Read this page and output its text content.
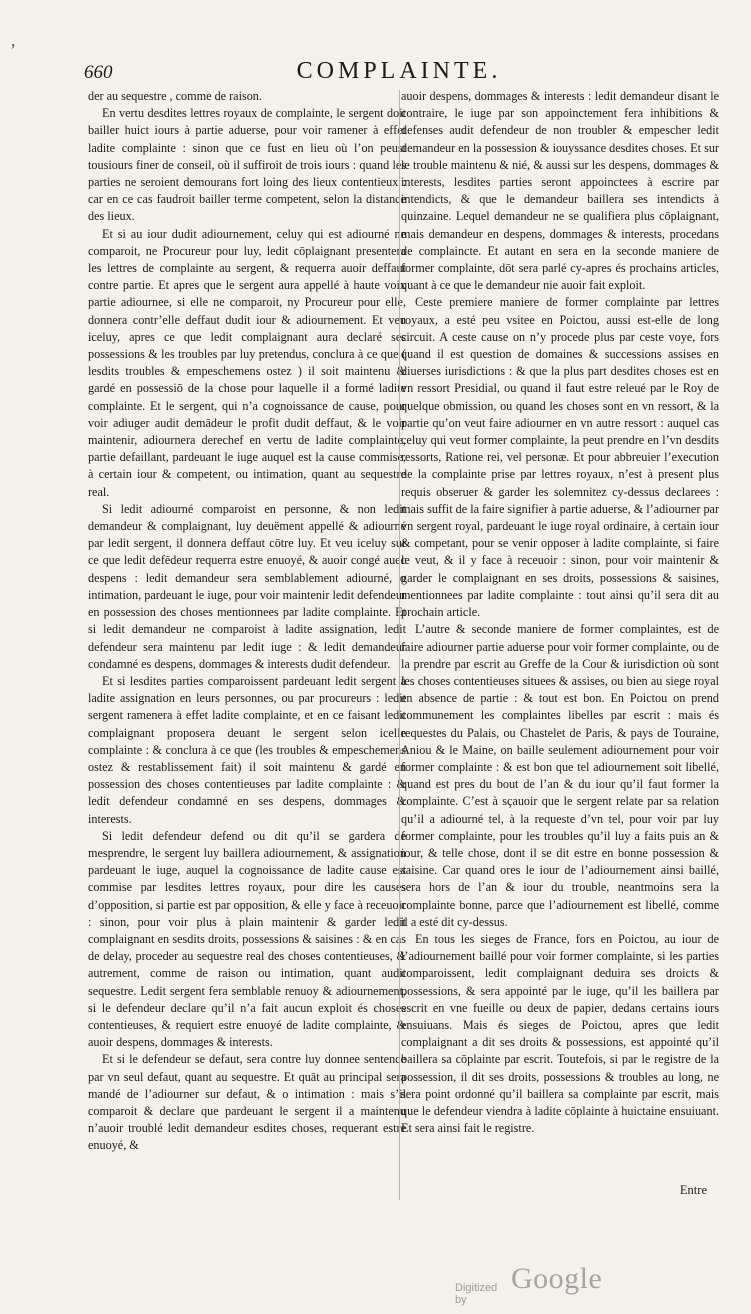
’
660	COMPLAINTE.

der au sequestre , comme de raison.

En vertu desdites lettres royaux de complainte, le sergent doit bailler huict iours à partie aduerse, pour voir ramener à effet ladite complainte : sinon que ce fust en lieu où l’on peust tousiours finer de conseil, où il suffiroit de trois iours : quand les parties ne seroient demourans fort loing des lieux contentieux : car en ce cas faudroit bailler terme competent, selon la distance des lieux.

Et si au iour dudit adiournement, celuy qui est adiourné ne comparoit, ne Procureur pour luy, ledit cōplaignant presentera les lettres de complainte au sergent, & requerra auoir deffaut contre partie. Et apres que le sergent aura appellé à haute voix partie adiournee, si elle ne comparoit, ny Procureur pour elle, donnera contr’elle deffaut dudit iour & adiournement. Et veu iceluy, apres ce que ledit complaignant aura declaré ses possessions & les troubles par luy pretendus, conclura à ce que ( lesdits troubles & empeschemens ostez ) il soit maintenu & gardé en possessiō de la chose pour laquelle il a formé ladite complainte. Et le sergent, qui n’a cognoissance de cause, pour voir adiuger audit demādeur le profit dudit deffaut, & le voir maintenir, adiournera derechef en vertu de ladite complainte, partie defaillant, pardeuant le iuge auquel est la cause commise, à certain iour & competent, ou intimation, quant au sequestre real.

Si ledit adiourné comparoist en personne, & non ledit demandeur & complaignant, luy deuëment appellé & adiourné par ledit sergent, il donnera deffaut cōtre luy. Et veu iceluy sur ce que ledit defēdeur requerra estre enuoyé, & auoir congé auec despens : ledit demandeur sera semblablement adiourné, o intimation, pardeuant le iuge, pour voir maintenir ledit defendeur en possession des choses mentionnees par ladite complainte. Et si ledit demandeur ne comparoist à ladite assignation, ledit defendeur sera maintenu par ledit iuge : & ledit demandeur condamné es despens, dommages & interests dudit defendeur.

Et si lesdites parties comparoissent pardeuant ledit sergent à ladite assignation en leurs personnes, ou par procureurs : ledit sergent ramenera à effet ladite complainte, et en ce faisant ledit complaignant proposera deuant le sergent selon icelle complainte : & conclura à ce que (les troubles & empeschemens ostez & restablissement fait) il soit maintenu & gardé en possession des choses contentieuses par ladite complainte : & ledit defendeur condamné en ses despens, dommages & interests.

Si ledit defendeur defend ou dit qu’il se gardera de mesprendre, le sergent luy baillera adiournement, & assignation pardeuant le iuge, auquel la cognoissance de ladite cause est commise par lesdites lettres royaux, pour dire les causes d’opposition, si partie est par opposition, & elle y face à receuoir : sinon, pour voir plus à plain maintenir & garder ledit complaignant en sesdits droits, possessions & saisines : & en cas de delay, proceder au sequestre real des choses contentieuses, & autrement, comme de raison ou intimation, quant audit sequestre. Ledit sergent fera semblable renuoy & adiournement, si le defendeur declare qu’il n’a fait aucun exploit és choses contentieuses, & requiert estre enuoyé de ladite complainte, & auoir despens, dommages & interests.

Et si le defendeur se defaut, sera contre luy donnee sentence par vn seul defaut, quant au sequestre. Et quāt au principal sera mandé de l’adiourner sur defaut, & o intimation : mais s’il comparoit & declare que pardeuant le sergent il a maintenu n’auoir troublé ledit demandeur esdites choses, requerant estre enuoyé, &

auoir despens, dommages & interests : ledit demandeur disant le contraire, le iuge par son appoinctement fera inhibitions & defenses audit defendeur de non troubler & empescher ledit demandeur en la possession & iouyssance desdites choses. Et sur le trouble maintenu & nié, & aussi sur les despens, dommages & interests, lesdites parties seront appoinctees à escrire par intendicts, & que le demandeur baillera ses intendicts à quinzaine. Lequel demandeur ne se qualifiera plus cōplaignant, mais demandeur en despens, dommages & interests, procedans de complaincte. Et autant en sera en la seconde maniere de former complainte, dōt sera parlé cy-apres és prochains articles, quant à ce que le demandeur nie auoir fait exploit.

Ceste premiere maniere de former complainte par lettres royaux, a esté peu vsitee en Poictou, aussi est-elle de long circuit. A ceste cause on n’y procede plus par ceste voye, fors quand il est question de domaines & successions assises en diuerses iurisdictions : & que la plus part desdites choses est en vn ressort Presidial, ou quand il faut estre releué par le Roy de quelque obmission, ou quand les choses sont en vn ressort, & la partie qu’on veut faire adiourner en vn autre ressort : auquel cas celuy qui veut former complainte, la peut prendre en l’vn desdits ressorts, Ratione rei, vel personæ. Et pour abbreuier l’execution de la complainte prise par lettres royaux, n’est à present plus requis obseruer & garder les solemnitez cy-dessus declarees : mais suffit de la faire signifier à partie aduerse, & l’adiourner par vn sergent royal, pardeuant le iuge royal ordinaire, à certain iour & competant, pour se venir opposer à ladite complainte, si faire le veut, & il y face à receuoir : sinon, pour voir maintenir & garder le complaignant en ses droits, possessions & saisines, mentionnees par ladite complainte : tout ainsi qu’il sera dit au prochain article.

L’autre & seconde maniere de former complaintes, est de faire adiourner partie aduerse pour voir former complainte, ou de la prendre par escrit au Greffe de la Cour & iurisdiction où sont les choses contentieuses situees & assises, ou bien au siege royal en absence de partie : & tout est bon. En Poictou on prend communement les complaintes libelles par escrit : mais és requestes du Palais, ou Chastelet de Paris, & pays de Touraine, Aniou & le Maine, on baille seulement adiournement pour voir former complainte : & est bon que tel adiournement soit libellé, quand est pres du bout de l’an & du iour qu’il faut former la complainte. C’est à sçauoir que le sergent relate par sa relation qu’il a adiourné tel, à la requeste d’vn tel, pour voir par luy former complainte, pour les troubles qu’il luy a faits puis an & iour, & telle chose, dont il se dit estre en bonne possession & saisine. Car quand ores le iour de l’adiournement ainsi baillé, sera hors de l’an & iour du trouble, neantmoins sera la complainte bonne, parce que l’adiournement est libellé, comme il a esté dit cy-dessus.

En tous les sieges de France, fors en Poictou, au iour de l’adiournement baillé pour voir former complainte, si les parties comparoissent, ledit complaignant deduira ses droicts & possessions, & sera appointé par le iuge, qu’il les baillera par escrit en vne fueille ou deux de papier, dedans certains iours ensuiuans. Mais és sieges de Poictou, apres que ledit complaignant a dit ses droits & possessions, est appointé qu’il baillera sa cōplainte par escrit. Toutefois, si par le registre de la possession, il dit ses droits, possessions & troubles au long, ne sera point ordonné qu’il baillera sa complainte par escrit, mais que le defendeur viendra à ladite cōplainte à huictaine ensuiuant. Et sera ainsi fait le registre.

Entre
Digitized by
Google
